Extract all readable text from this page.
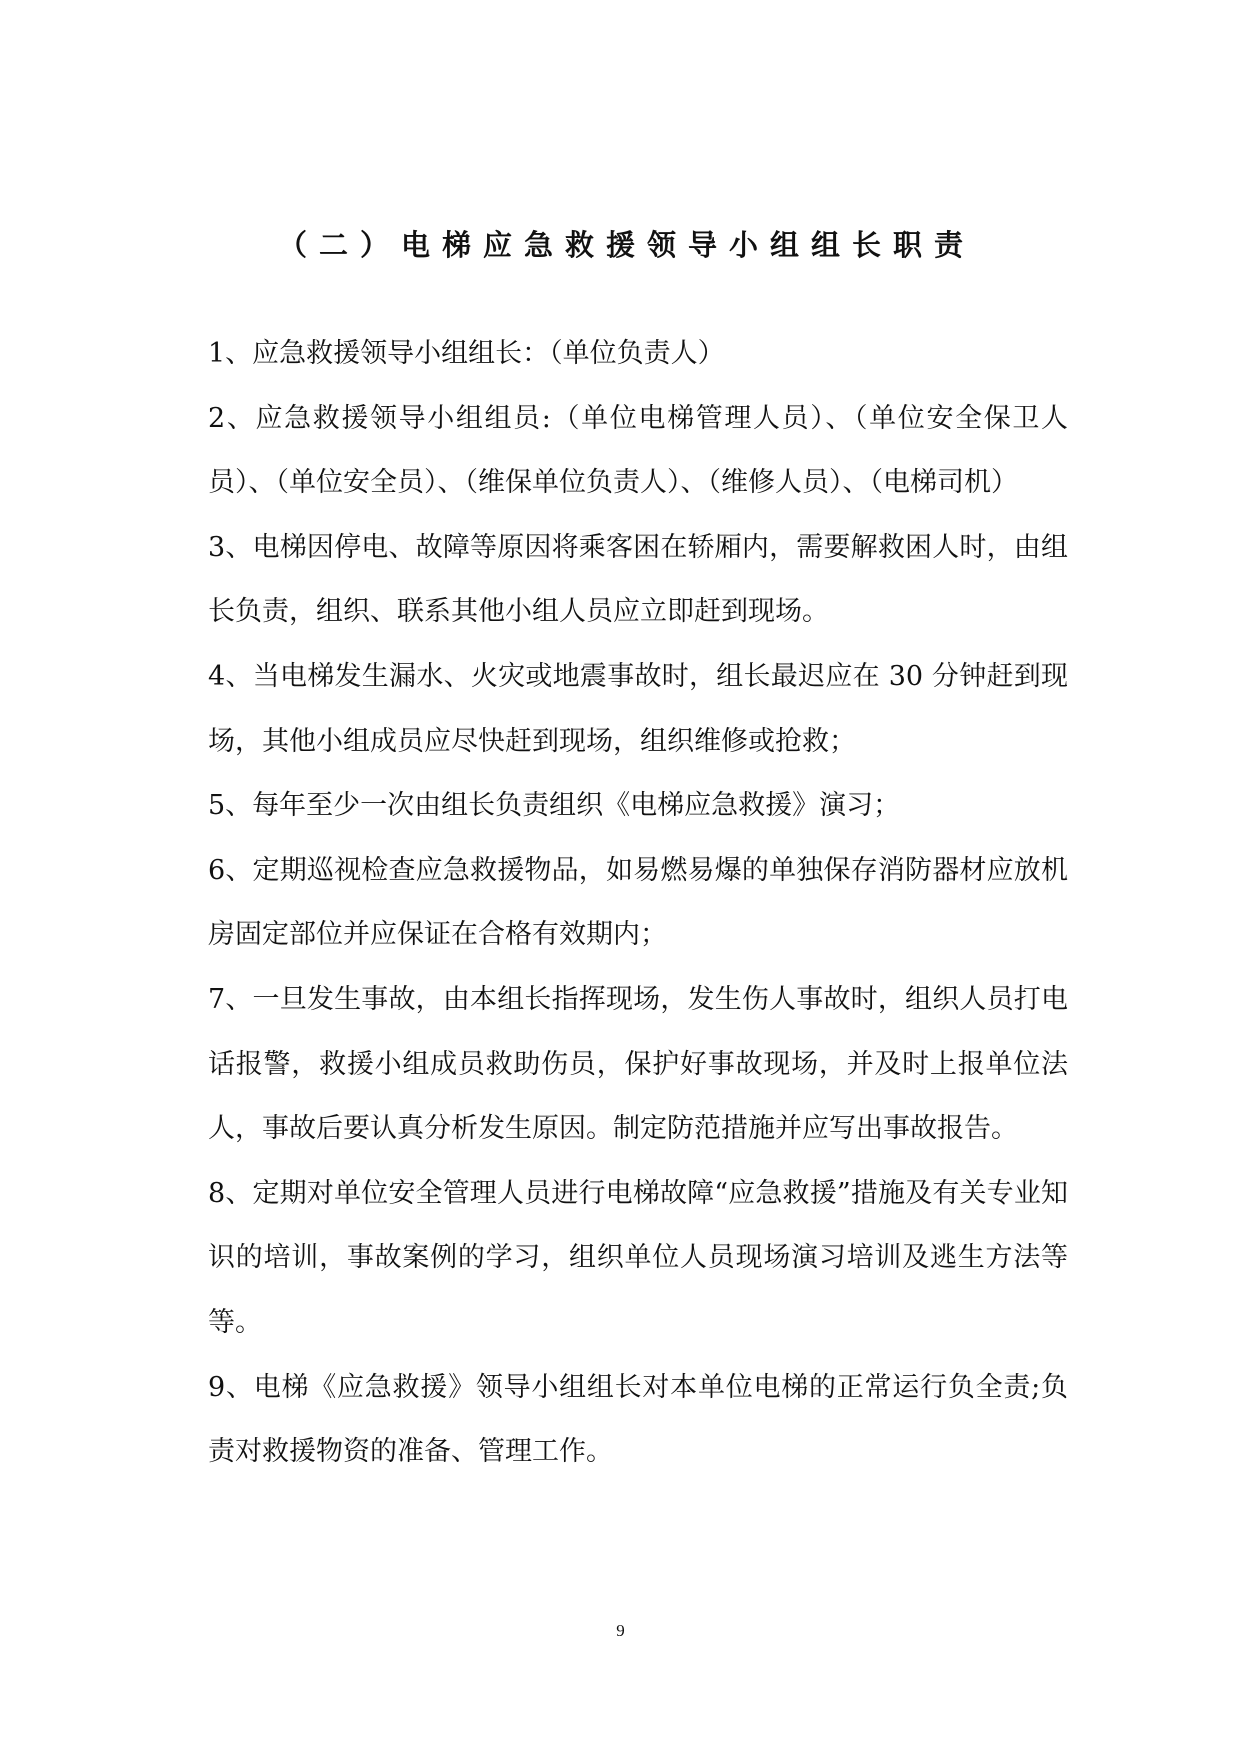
（二）电梯应急救援领导小组组长职责

1、应急救援领导小组组长：（单位负责人）

2、应急救援领导小组组员:（单位电梯管理人员）、（单位安全保卫人员）、（单位安全员）、（维保单位负责人）、（维修人员）、（电梯司机）

3、电梯因停电、故障等原因将乘客困在轿厢内，需要解救困人时，由组长负责，组织、联系其他小组人员应立即赶到现场。

4、当电梯发生漏水、火灾或地震事故时，组长最迟应在 30 分钟赶到现场，其他小组成员应尽快赶到现场，组织维修或抢救；

5、每年至少一次由组长负责组织《电梯应急救援》演习；

6、定期巡视检查应急救援物品，如易燃易爆的单独保存消防器材应放机房固定部位并应保证在合格有效期内；

7、一旦发生事故，由本组长指挥现场，发生伤人事故时，组织人员打电话报警，救援小组成员救助伤员，保护好事故现场，并及时上报单位法人，事故后要认真分析发生原因。制定防范措施并应写出事故报告。

8、定期对单位安全管理人员进行电梯故障“应急救援”措施及有关专业知识的培训，事故案例的学习，组织单位人员现场演习培训及逃生方法等等。

9、电梯《应急救援》领导小组组长对本单位电梯的正常运行负全责;负责对救援物资的准备、管理工作。

9
